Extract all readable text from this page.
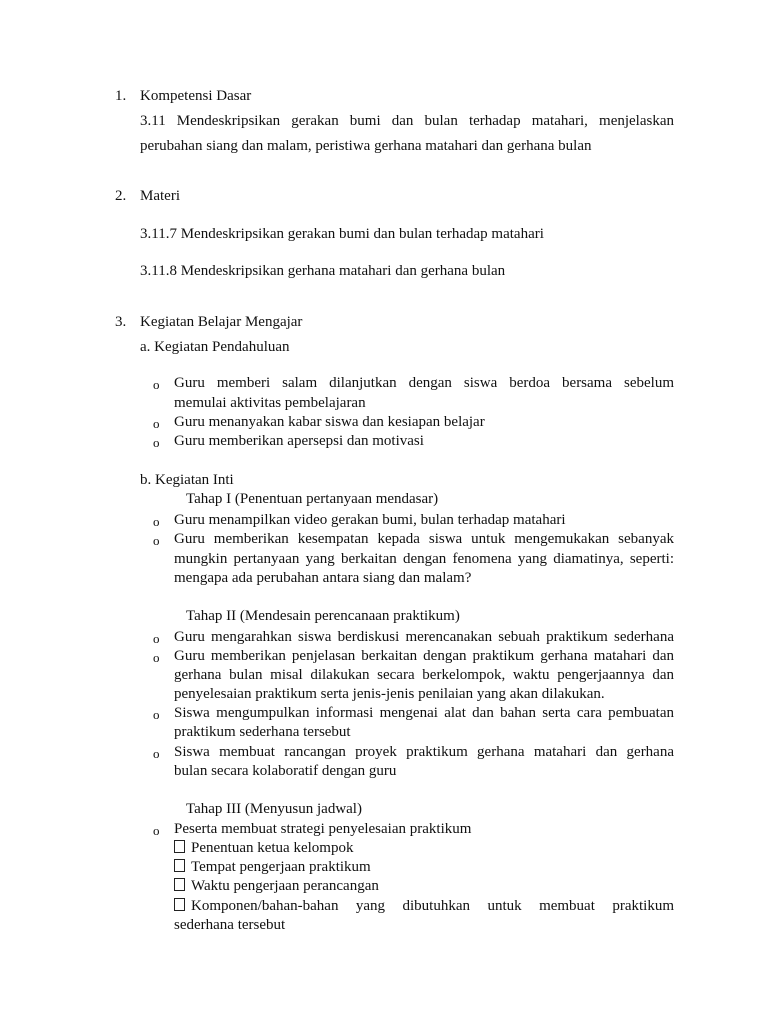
1. Kompetensi Dasar
3.11 Mendeskripsikan gerakan bumi dan bulan terhadap matahari, menjelaskan
perubahan siang dan malam, peristiwa gerhana matahari dan gerhana bulan
2. Materi
3.11.7 Mendeskripsikan gerakan bumi dan bulan terhadap matahari
3.11.8 Mendeskripsikan gerhana matahari dan gerhana bulan
3. Kegiatan Belajar Mengajar
a. Kegiatan Pendahuluan
o Guru memberi salam dilanjutkan dengan siswa berdoa bersama sebelum
memulai aktivitas pembelajaran
o Guru menanyakan kabar siswa dan kesiapan belajar
o Guru memberikan apersepsi dan motivasi
b. Kegiatan Inti
Tahap I (Penentuan pertanyaan mendasar)
o Guru menampilkan video gerakan bumi, bulan terhadap matahari
o Guru memberikan kesempatan kepada siswa untuk mengemukakan sebanyak
mungkin pertanyaan yang berkaitan dengan fenomena yang diamatinya, seperti:
mengapa ada perubahan antara siang dan malam?
Tahap II (Mendesain perencanaan praktikum)
o Guru mengarahkan siswa berdiskusi merencanakan sebuah praktikum sederhana
o Guru memberikan penjelasan berkaitan dengan praktikum gerhana matahari dan
gerhana bulan misal dilakukan secara berkelompok, waktu pengerjaannya dan
penyelesaian praktikum serta jenis-jenis penilaian yang akan dilakukan.
o Siswa mengumpulkan informasi mengenai alat dan bahan serta cara pembuatan
praktikum sederhana tersebut
o Siswa membuat rancangan proyek praktikum gerhana matahari dan gerhana
bulan secara kolaboratif dengan guru
Tahap III (Menyusun jadwal)
o Peserta membuat strategi penyelesaian praktikum
Penentuan ketua kelompok
Tempat pengerjaan praktikum
Waktu pengerjaan perancangan
Komponen/bahan-bahan yang dibutuhkan untuk membuat praktikum
sederhana tersebut
